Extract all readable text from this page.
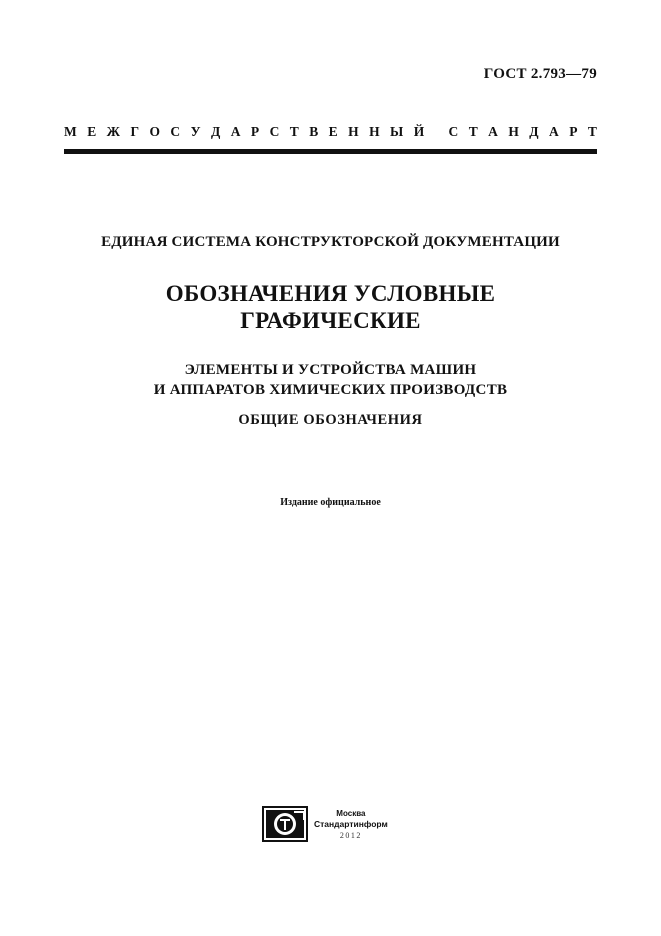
ГОСТ 2.793—79
М Е Ж Г О С У Д А Р С Т В Е Н Н Ы Й
С Т А Н Д А Р Т
ЕДИНАЯ СИСТЕМА КОНСТРУКТОРСКОЙ ДОКУМЕНТАЦИИ
ОБОЗНАЧЕНИЯ УСЛОВНЫЕ
ГРАФИЧЕСКИЕ
ЭЛЕМЕНТЫ И УСТРОЙСТВА МАШИН
И АППАРАТОВ ХИМИЧЕСКИХ ПРОИЗВОДСТВ
ОБЩИЕ ОБОЗНАЧЕНИЯ
Издание официальное
Москва
Стандартинформ
2012
